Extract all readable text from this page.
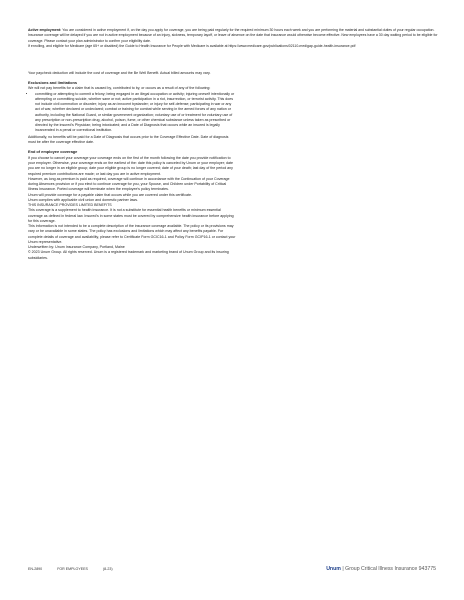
Active employment: You are considered in active employment if, on the day you apply for coverage, you are being paid regularly for the required minimum 30 hours each week and you are performing the material and substantial duties of your regular occupation. Insurance coverage will be delayed if you are not in active employment because of an injury, sickness, temporary layoff, or leave of absence on the date that insurance would otherwise become effective. New employees have a 30 day waiting period to be eligible for coverage. Please contact your plan administrator to confirm your eligibility date.
If enrolling, and eligible for Medicare (age 65+ or disabled) the Guide to Health Insurance for People with Medicare is available at https://www.medicare.gov/publications/02110-medigap-guide-health-insurance.pdf

Your paycheck deduction will include the cost of coverage and the Be Well Benefit. Actual billed amounts may vary.

Exclusions and limitations

We will not pay benefits for a claim that is caused by, contributed to by, or occurs as a result of any of the following:

• committing or attempting to commit a felony; being engaged in an illegal occupation or activity; injuring oneself intentionally or attempting or committing suicide, whether sane or not; active participation in a riot, insurrection, or terrorist activity. This does not include civil commotion or disorder; injury as an innocent bystander; or injury for self-defense; participating in war or any act of war, whether declared or undeclared; combat or training for combat while serving in the armed forces of any nation or authority, including the National Guard, or similar government organization; voluntary use of or treatment for voluntary use of any prescription or non-prescription drug, alcohol, poison, fume, or other chemical substance unless taken as prescribed or directed by the insured's Physician; being intoxicated; and a Date of Diagnosis that occurs while an insured is legally incarcerated in a penal or correctional institution.

Additionally, no benefits will be paid for a Date of Diagnosis that occurs prior to the Coverage Effective Date. Date of diagnosis must be after the coverage effective date.

End of employee coverage

If you choose to cancel your coverage your coverage ends on the first of the month following the date you provide notification to your employer. Otherwise, your coverage ends on the earliest of the: date this policy is canceled by Unum or your employer; date you are no longer in an eligible group; date your eligible group is no longer covered; date of your death; last day of the period any required premium contributions are made; or last day you are in active employment.

However, as long as premium is paid as required, coverage will continue in accordance with the Continuation of your Coverage during Absences provision or if you elect to continue coverage for you, your Spouse, and Children under Portability of Critical Illness Insurance. Ported coverage will terminate when the employee's policy terminates.

Unum will provide coverage for a payable claim that occurs while you are covered under this certificate.

Unum complies with applicable civil union and domestic partner laws.

THIS INSURANCE PROVIDES LIMITED BENEFITS

This coverage is a supplement to health insurance. It is not a substitute for essential health benefits or minimum essential coverage as defined in federal law. Insured's in some states must be covered by comprehensive health insurance before applying for this coverage.

This information is not intended to be a complete description of the insurance coverage available. The policy or its provisions may vary or be unavailable in some states. The policy has exclusions and limitations which may affect any benefits payable. For complete details of coverage and availability, please refer to Certificate Form GCIC16-1 and Policy Form GCIP16-1 or contact your Unum representative.

Underwritten by: Unum Insurance Company, Portland, Maine

© 2023 Unum Group. All rights reserved. Unum is a registered trademark and marketing brand of Unum Group and its insuring subsidiaries.

EN-2890	FOR EMPLOYEES	(8-23)	Unum | Group Critical Illness Insurance 943775
